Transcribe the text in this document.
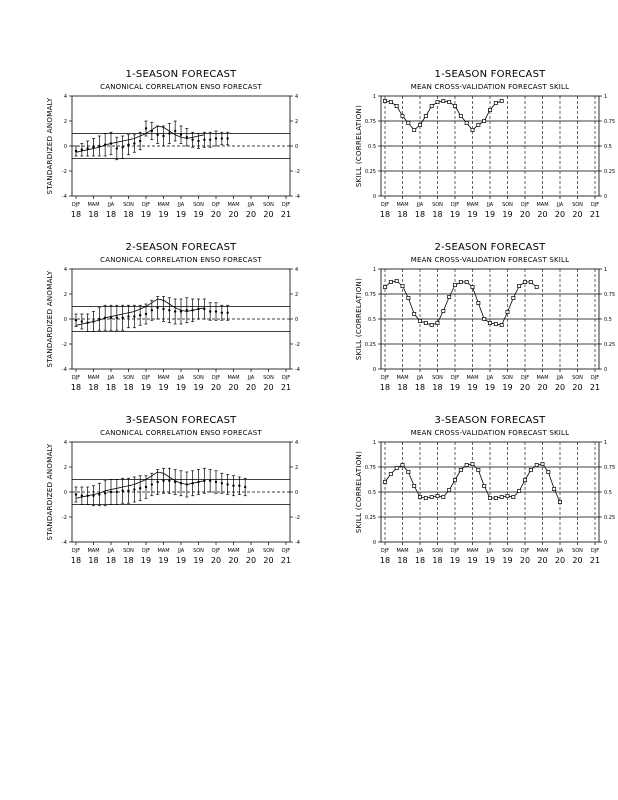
1-SEASON FORECAST
CANONICAL CORRELATION ENSO FORECAST
4	4
2	2
0	0
-2	-2
-4	-4
STANDARDIZED ANOMALY
DJF
18
MAM
18
JJA
18
SON
18
DJF
19
MAM
19
JJA
19
SON
19
DJF
20
MAM
20
JJA
20
SON
20
DJF
21
1-SEASON FORECAST
MEAN CROSS-VALIDATION FORECAST SKILL
1	1
0.75	0.75
0.5	0.5
0.25	0.25
0	0
SKILL (CORRELATION)
DJF
18
MAM
18
JJA
18
SON
18
DJF
19
MAM
19
JJA
19
SON
19
DJF
20
MAM
20
JJA
20
SON
20
DJF
21
2-SEASON FORECAST
CANONICAL CORRELATION ENSO FORECAST
4	4
2	2
0	0
-2	-2
-4	-4
STANDARDIZED ANOMALY
DJF
18
MAM
18
JJA
18
SON
18
DJF
19
MAM
19
JJA
19
SON
19
DJF
20
MAM
20
JJA
20
SON
20
DJF
21
2-SEASON FORECAST
MEAN CROSS-VALIDATION FORECAST SKILL
1	1
0.75	0.75
0.5	0.5
0.25	0.25
0	0
SKILL (CORRELATION)
DJF
18
MAM
18
JJA
18
SON
18
DJF
19
MAM
19
JJA
19
SON
19
DJF
20
MAM
20
JJA
20
SON
20
DJF
21
3-SEASON FORECAST
CANONICAL CORRELATION ENSO FORECAST
4	4
2	2
0	0
-2	-2
-4	-4
STANDARDIZED ANOMALY
DJF
18
MAM
18
JJA
18
SON
18
DJF
19
MAM
19
JJA
19
SON
19
DJF
20
MAM
20
JJA
20
SON
20
DJF
21
3-SEASON FORECAST
MEAN CROSS-VALIDATION FORECAST SKILL
1	1
0.75	0.75
0.5	0.5
0.25	0.25
0	0
SKILL (CORRELATION)
DJF
18
MAM
18
JJA
18
SON
18
DJF
19
MAM
19
JJA
19
SON
19
DJF
20
MAM
20
JJA
20
SON
20
DJF
21
